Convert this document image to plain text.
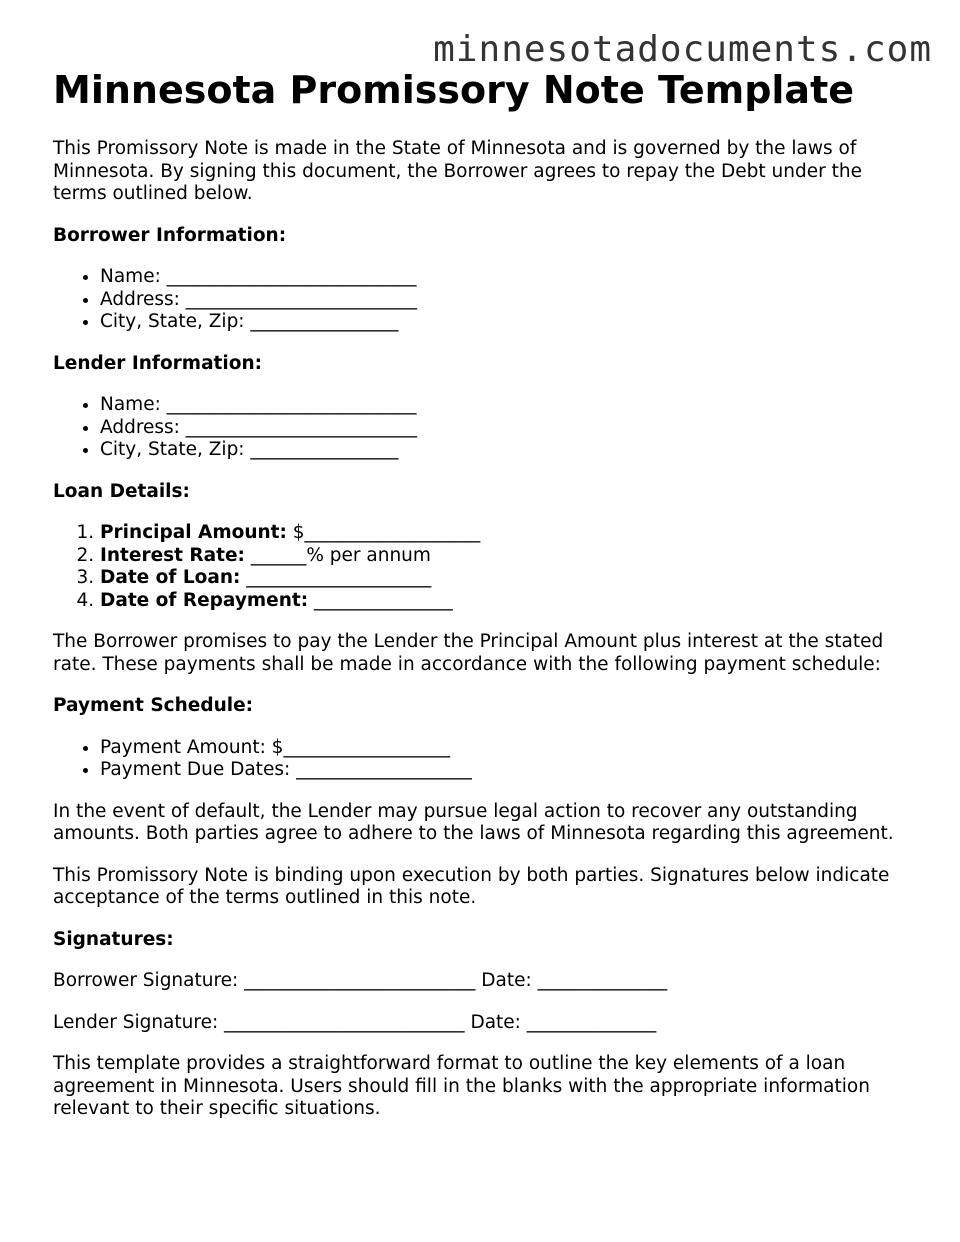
minnesotadocuments.com
Minnesota Promissory Note Template

This Promissory Note is made in the State of Minnesota and is governed by the laws of Minnesota. By signing this document, the Borrower agrees to repay the Debt under the terms outlined below.

Borrower Information:
• Name: ___________________________
• Address: _________________________
• City, State, Zip: ________________
Lender Information:
• Name: ___________________________
• Address: _________________________
• City, State, Zip: ________________
Loan Details:
1. Principal Amount: $___________________
2. Interest Rate: ______% per annum
3. Date of Loan: ____________________
4. Date of Repayment: _______________

The Borrower promises to pay the Lender the Principal Amount plus interest at the stated rate. These payments shall be made in accordance with the following payment schedule:

Payment Schedule:
• Payment Amount: $__________________
• Payment Due Dates: ___________________

In the event of default, the Lender may pursue legal action to recover any outstanding amounts. Both parties agree to adhere to the laws of Minnesota regarding this agreement.

This Promissory Note is binding upon execution by both parties. Signatures below indicate acceptance of the terms outlined in this note.

Signatures:

Borrower Signature: _________________________ Date: ______________

Lender Signature: __________________________ Date: ______________

This template provides a straightforward format to outline the key elements of a loan agreement in Minnesota. Users should fill in the blanks with the appropriate information relevant to their specific situations.
